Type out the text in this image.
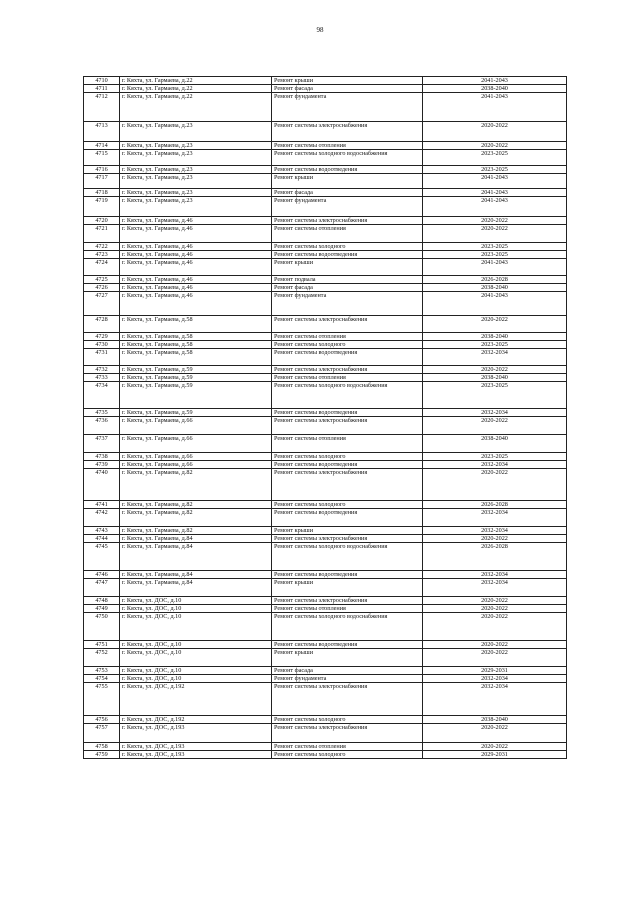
98
4710	г. Кяхта, ул. Гармаева, д.22	Ремонт крыши	2041-2043
4711	г. Кяхта, ул. Гармаева, д.22	Ремонт фасада	2038-2040
4712	г. Кяхта, ул. Гармаева, д.22	Ремонт фундамента	2041-2043
4713	г. Кяхта, ул. Гармаева, д.23	Ремонт системы электроснабжения	2020-2022
4714	г. Кяхта, ул. Гармаева, д.23	Ремонт системы отопления	2020-2022
4715	г. Кяхта, ул. Гармаева, д.23	Ремонт системы холодного водоснабжения	2023-2025
4716	г. Кяхта, ул. Гармаева, д.23	Ремонт системы водоотведения	2023-2025
4717	г. Кяхта, ул. Гармаева, д.23	Ремонт крыши	2041-2043
4718	г. Кяхта, ул. Гармаева, д.23	Ремонт фасада	2041-2043
4719	г. Кяхта, ул. Гармаева, д.23	Ремонт фундамента	2041-2043
4720	г. Кяхта, ул. Гармаева, д.46	Ремонт системы электроснабжения	2020-2022
4721	г. Кяхта, ул. Гармаева, д.46	Ремонт системы отопления	2020-2022
4722	г. Кяхта, ул. Гармаева, д.46	Ремонт системы холодного	2023-2025
4723	г. Кяхта, ул. Гармаева, д.46	Ремонт системы водоотведения	2023-2025
4724	г. Кяхта, ул. Гармаева, д.46	Ремонт крыши	2041-2043
4725	г. Кяхта, ул. Гармаева, д.46	Ремонт подвала	2026-2028
4726	г. Кяхта, ул. Гармаева, д.46	Ремонт фасада	2038-2040
4727	г. Кяхта, ул. Гармаева, д.46	Ремонт фундамента	2041-2043
4728	г. Кяхта, ул. Гармаева, д.58	Ремонт системы электроснабжения	2020-2022
4729	г. Кяхта, ул. Гармаева, д.58	Ремонт системы отопления	2038-2040
4730	г. Кяхта, ул. Гармаева, д.58	Ремонт системы холодного	2023-2025
4731	г. Кяхта, ул. Гармаева, д.58	Ремонт системы водоотведения	2032-2034
4732	г. Кяхта, ул. Гармаева, д.59	Ремонт системы электроснабжения	2020-2022
4733	г. Кяхта, ул. Гармаева, д.59	Ремонт системы отопления	2038-2040
4734	г. Кяхта, ул. Гармаева, д.59	Ремонт системы холодного водоснабжения	2023-2025
4735	г. Кяхта, ул. Гармаева, д.59	Ремонт системы водоотведения	2032-2034
4736	г. Кяхта, ул. Гармаева, д.66	Ремонт системы электроснабжения	2020-2022
4737	г. Кяхта, ул. Гармаева, д.66	Ремонт системы отопления	2038-2040
4738	г. Кяхта, ул. Гармаева, д.66	Ремонт системы холодного	2023-2025
4739	г. Кяхта, ул. Гармаева, д.66	Ремонт системы водоотведения	2032-2034
4740	г. Кяхта, ул. Гармаева, д.82	Ремонт системы электроснабжения	2020-2022
4741	г. Кяхта, ул. Гармаева, д.82	Ремонт системы холодного	2026-2028
4742	г. Кяхта, ул. Гармаева, д.82	Ремонт системы водоотведения	2032-2034
4743	г. Кяхта, ул. Гармаева, д.82	Ремонт крыши	2032-2034
4744	г. Кяхта, ул. Гармаева, д.84	Ремонт системы электроснабжения	2020-2022
4745	г. Кяхта, ул. Гармаева, д.84	Ремонт системы холодного водоснабжения	2026-2028
4746	г. Кяхта, ул. Гармаева, д.84	Ремонт системы водоотведения	2032-2034
4747	г. Кяхта, ул. Гармаева, д.84	Ремонт крыши	2032-2034
4748	г. Кяхта, ул. ДОС, д.10	Ремонт системы электроснабжения	2020-2022
4749	г. Кяхта, ул. ДОС, д.10	Ремонт системы отопления	2020-2022
4750	г. Кяхта, ул. ДОС, д.10	Ремонт системы холодного водоснабжения	2020-2022
4751	г. Кяхта, ул. ДОС, д.10	Ремонт системы водоотведения	2020-2022
4752	г. Кяхта, ул. ДОС, д.10	Ремонт крыши	2020-2022
4753	г. Кяхта, ул. ДОС, д.10	Ремонт фасада	2029-2031
4754	г. Кяхта, ул. ДОС, д.10	Ремонт фундамента	2032-2034
4755	г. Кяхта, ул. ДОС, д.192	Ремонт системы электроснабжения	2032-2034
4756	г. Кяхта, ул. ДОС, д.192	Ремонт системы холодного	2038-2040
4757	г. Кяхта, ул. ДОС, д.193	Ремонт системы электроснабжения	2020-2022
4758	г. Кяхта, ул. ДОС, д.193	Ремонт системы отопления	2020-2022
4759	г. Кяхта, ул. ДОС, д.193	Ремонт системы холодного	2029-2031
